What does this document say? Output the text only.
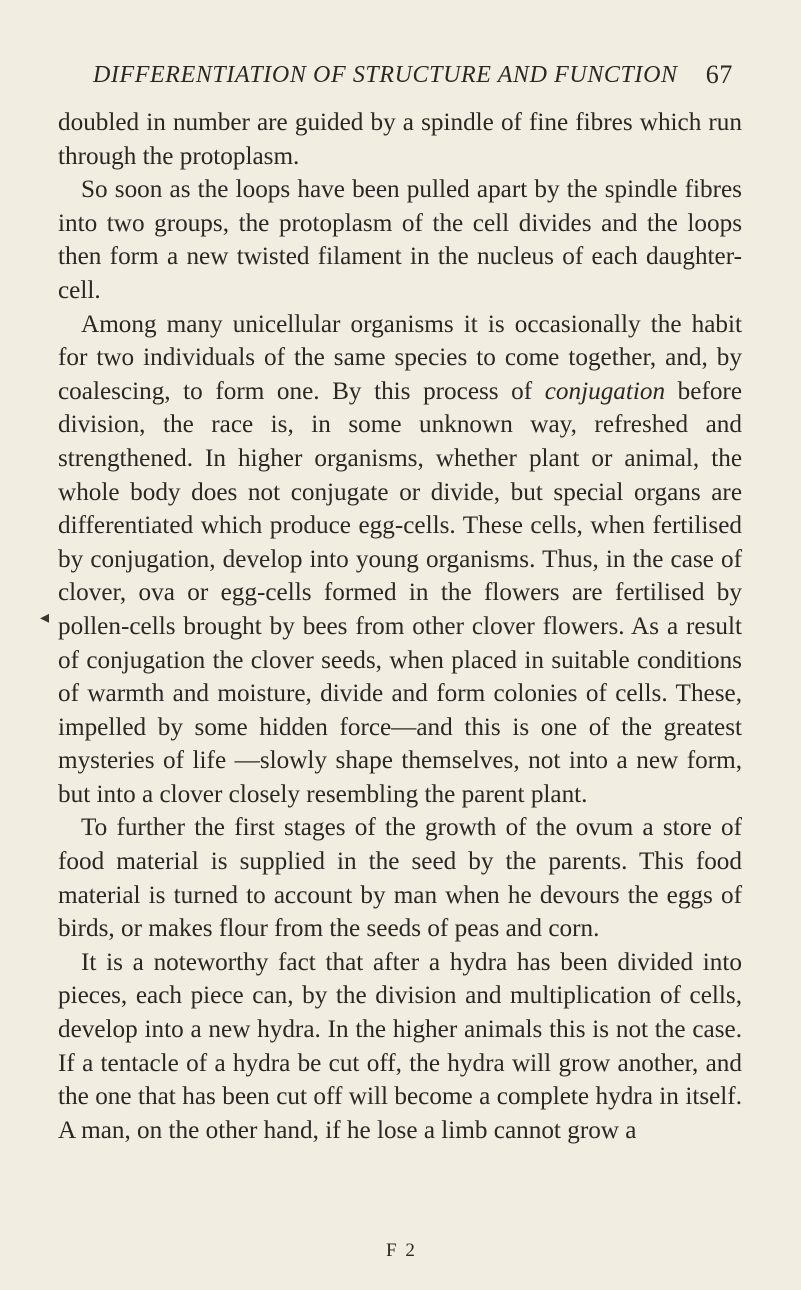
DIFFERENTIATION OF STRUCTURE AND FUNCTION 67

doubled in number are guided by a spindle of fine fibres which run through the protoplasm.

So soon as the loops have been pulled apart by the spindle fibres into two groups, the protoplasm of the cell divides and the loops then form a new twisted filament in the nucleus of each daughter-cell.

Among many unicellular organisms it is occasionally the habit for two individuals of the same species to come together, and, by coalescing, to form one. By this process of conjugation before division, the race is, in some unknown way, refreshed and strengthened. In higher organisms, whether plant or animal, the whole body does not conjugate or divide, but special organs are differentiated which produce egg-cells. These cells, when fertilised by conjugation, develop into young organisms. Thus, in the case of clover, ova or egg-cells formed in the flowers are fertilised by pollen-cells brought by bees from other clover flowers. As a result of conjugation the clover seeds, when placed in suitable conditions of warmth and moisture, divide and form colonies of cells. These, impelled by some hidden force—and this is one of the greatest mysteries of life —slowly shape themselves, not into a new form, but into a clover closely resembling the parent plant.

To further the first stages of the growth of the ovum a store of food material is supplied in the seed by the parents. This food material is turned to account by man when he devours the eggs of birds, or makes flour from the seeds of peas and corn.

It is a noteworthy fact that after a hydra has been divided into pieces, each piece can, by the division and multiplication of cells, develop into a new hydra. In the higher animals this is not the case. If a tentacle of a hydra be cut off, the hydra will grow another, and the one that has been cut off will become a complete hydra in itself. A man, on the other hand, if he lose a limb cannot grow a

◂
F 2
